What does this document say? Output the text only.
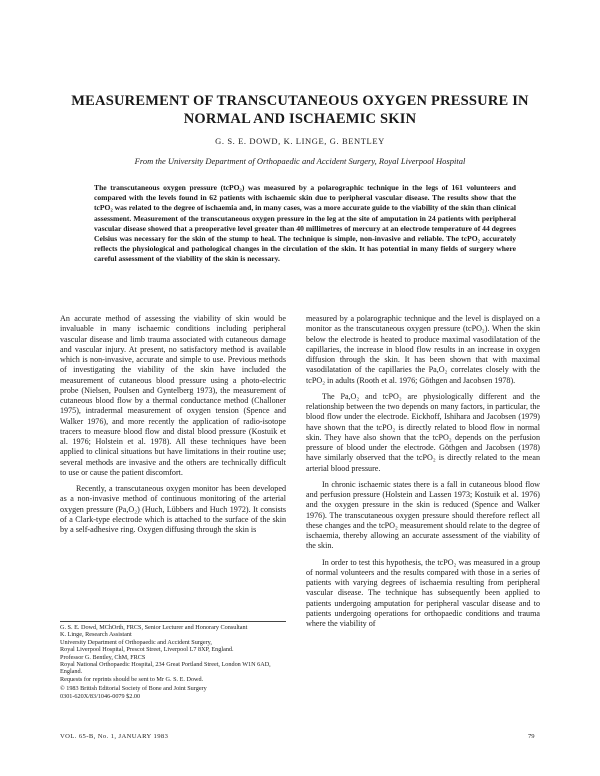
MEASUREMENT OF TRANSCUTANEOUS OXYGEN PRESSURE IN
NORMAL AND ISCHAEMIC SKIN
G. S. E. DOWD, K. LINGE, G. BENTLEY
From the University Department of Orthopaedic and Accident Surgery, Royal Liverpool Hospital

The transcutaneous oxygen pressure (tcPO₂) was measured by a polarographic technique in the legs of 161 volunteers and compared with the levels found in 62 patients with ischaemic skin due to peripheral vascular disease. The results show that the tcPO₂ was related to the degree of ischaemia and, in many cases, was a more accurate guide to the viability of the skin than clinical assessment. Measurement of the transcutaneous oxygen pressure in the leg at the site of amputation in 24 patients with peripheral vascular disease showed that a preoperative level greater than 40 millimetres of mercury at an electrode temperature of 44 degrees Celsius was necessary for the skin of the stump to heal. The technique is simple, non-invasive and reliable. The tcPO₂ accurately reflects the physiological and pathological changes in the circulation of the skin. It has potential in many fields of surgery where careful assessment of the viability of the skin is necessary.

An accurate method of assessing the viability of skin would be invaluable in many ischaemic conditions including peripheral vascular disease and limb trauma associated with cutaneous damage and vascular injury. At present, no satisfactory method is available which is non-invasive, accurate and simple to use. Previous methods of investigating the viability of the skin have included the measurement of cutaneous blood pressure using a photo-electric probe (Nielsen, Poulsen and Gyntelberg 1973), the measurement of cutaneous blood flow by a thermal conductance method (Challoner 1975), intradermal measurement of oxygen tension (Spence and Walker 1976), and more recently the application of radio-isotope tracers to measure blood flow and distal blood pressure (Kostuik et al. 1976; Holstein et al. 1978). All these techniques have been applied to clinical situations but have limitations in their routine use; several methods are invasive and the others are technically difficult to use or cause the patient discomfort.

Recently, a transcutaneous oxygen monitor has been developed as a non-invasive method of continuous monitoring of the arterial oxygen pressure (Pa,O₂) (Huch, Lübbers and Huch 1972). It consists of a Clark-type electrode which is attached to the surface of the skin by a self-adhesive ring. Oxygen diffusing through the skin is

G. S. E. Dowd, MChOrth, FRCS, Senior Lecturer and Honorary Consultant
K. Linge, Research Assistant
University Department of Orthopaedic and Accident Surgery,
Royal Liverpool Hospital, Prescot Street, Liverpool L7 8XP, England.
Professor G. Bentley, ChM, FRCS
Royal National Orthopaedic Hospital, 234 Great Portland Street, London W1N 6AD, England.
Requests for reprints should be sent to Mr G. S. E. Dowd.
© 1983 British Editorial Society of Bone and Joint Surgery
0301-620X/83/1046-0079 $2.00

measured by a polarographic technique and the level is displayed on a monitor as the transcutaneous oxygen pressure (tcPO₂). When the skin below the electrode is heated to produce maximal vasodilatation of the capillaries, the increase in blood flow results in an increase in oxygen diffusion through the skin. It has been shown that with maximal vasodilatation of the capillaries the Pa,O₂ correlates closely with the tcPO₂ in adults (Rooth et al. 1976; Göthgen and Jacobsen 1978).

The Pa,O₂ and tcPO₂ are physiologically different and the relationship between the two depends on many factors, in particular, the blood flow under the electrode. Eickhoff, Ishihara and Jacobsen (1979) have shown that the tcPO₂ is directly related to blood flow in normal skin. They have also shown that the tcPO₂ depends on the perfusion pressure of blood under the electrode. Göthgen and Jacobsen (1978) have similarly observed that the tcPO₂ is directly related to the mean arterial blood pressure.

In chronic ischaemic states there is a fall in cutaneous blood flow and perfusion pressure (Holstein and Lassen 1973; Kostuik et al. 1976) and the oxygen pressure in the skin is reduced (Spence and Walker 1976). The transcutaneous oxygen pressure should therefore reflect all these changes and the tcPO₂ measurement should relate to the degree of ischaemia, thereby allowing an accurate assessment of the viability of the skin.

In order to test this hypothesis, the tcPO₂ was measured in a group of normal volunteers and the results compared with those in a series of patients with varying degrees of ischaemia resulting from peripheral vascular disease. The technique has subsequently been applied to patients undergoing amputation for peripheral vascular disease and to patients undergoing operations for orthopaedic conditions and trauma where the viability of

VOL. 65-B, No. 1, JANUARY 1983	79
